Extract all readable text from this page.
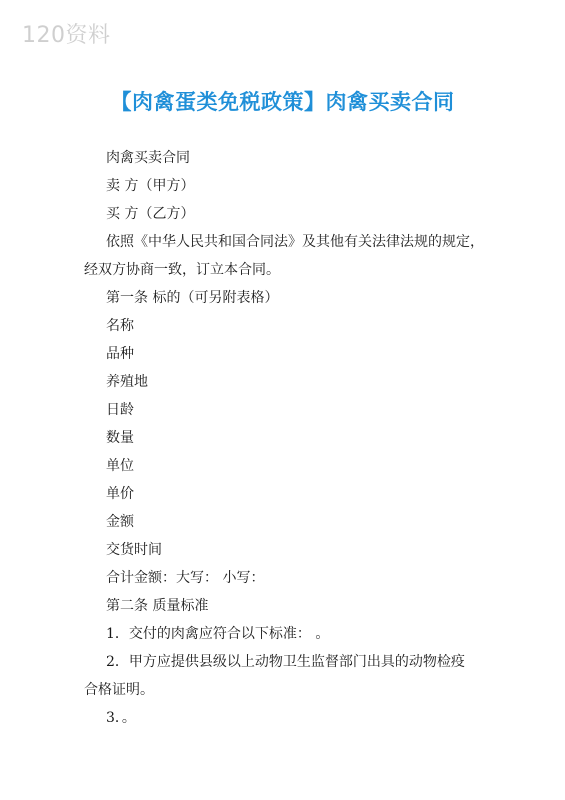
120资料
【肉禽蛋类免税政策】肉禽买卖合同
肉禽买卖合同
卖 方（甲方）
买 方（乙方）
依照《中华人民共和国合同法》及其他有关法律法规的规定，
经双方协商一致，订立本合同。
第一条 标的（可另附表格）
名称
品种
养殖地
日龄
数量
单位
单价
金额
交货时间
合计金额：大写： 小写：
第二条 质量标准
1．交付的肉禽应符合以下标准： 。
2．甲方应提供县级以上动物卫生监督部门出具的动物检疫
合格证明。
3．。
